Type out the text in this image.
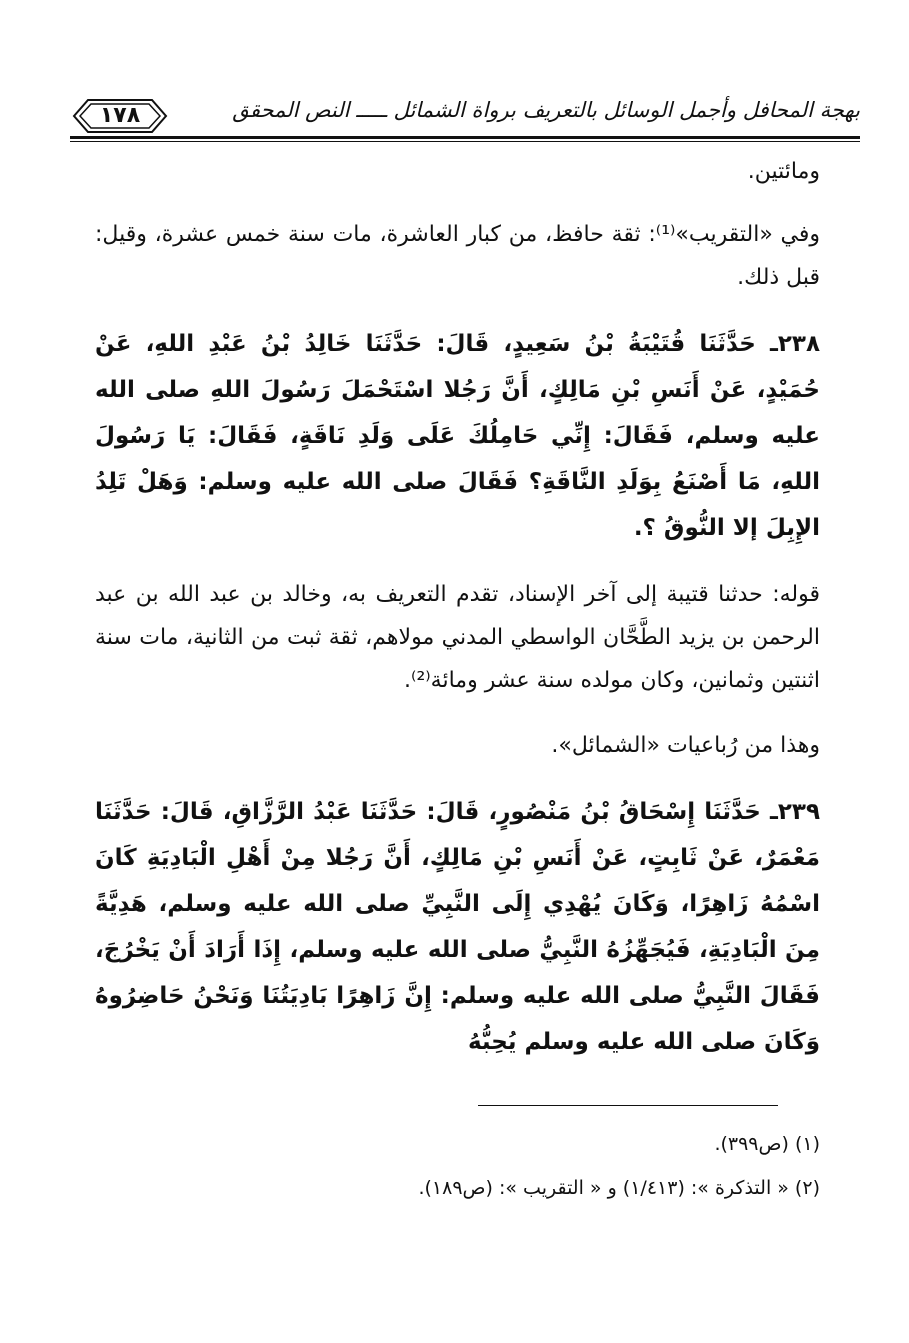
١٧٨	بهجة المحافل وأجمل الوسائل بالتعريف برواة الشمائل ـــــ النص المحقق

ومائتين.

وفي «التقريب»⁽¹⁾: ثقة حافظ، من كبار العاشرة، مات سنة خمس عشرة، وقيل: قبل ذلك.

٢٣٨ـ حَدَّثَنَا قُتَيْبَةُ بْنُ سَعِيدٍ، قَالَ: حَدَّثَنَا خَالِدُ بْنُ عَبْدِ اللهِ، عَنْ حُمَيْدٍ، عَنْ أَنَسِ بْنِ مَالِكٍ، أَنَّ رَجُلا اسْتَحْمَلَ رَسُولَ اللهِ صلى الله عليه وسلم، فَقَالَ: إِنِّي حَامِلُكَ عَلَى وَلَدِ نَاقَةٍ، فَقَالَ: يَا رَسُولَ اللهِ، مَا أَصْنَعُ بِوَلَدِ النَّاقَةِ؟ فَقَالَ صلى الله عليه وسلم: وَهَلْ تَلِدُ الإِبِلَ إلا النُّوقُ ؟.

قوله: حدثنا قتيبة إلى آخر الإسناد، تقدم التعريف به، وخالد بن عبد الله بن عبد الرحمن بن يزيد الطَّحَّان الواسطي المدني مولاهم، ثقة ثبت من الثانية، مات سنة اثنتين وثمانين، وكان مولده سنة عشر ومائة⁽²⁾.

وهذا من رُباعيات «الشمائل».

٢٣٩ـ حَدَّثَنَا إِسْحَاقُ بْنُ مَنْصُورٍ، قَالَ: حَدَّثَنَا عَبْدُ الرَّزَّاقِ، قَالَ: حَدَّثَنَا مَعْمَرٌ، عَنْ ثَابِتٍ، عَنْ أَنَسِ بْنِ مَالِكٍ، أَنَّ رَجُلا مِنْ أَهْلِ الْبَادِيَةِ كَانَ اسْمُهُ زَاهِرًا، وَكَانَ يُهْدِي إِلَى النَّبِيِّ صلى الله عليه وسلم، هَدِيَّةً مِنَ الْبَادِيَةِ، فَيُجَهِّزُهُ النَّبِيُّ صلى الله عليه وسلم، إِذَا أَرَادَ أَنْ يَخْرُجَ، فَقَالَ النَّبِيُّ صلى الله عليه وسلم: إِنَّ زَاهِرًا بَادِيَتُنَا وَنَحْنُ حَاضِرُوهُ وَكَانَ صلى الله عليه وسلم يُحِبُّهُ

(١) (ص٣٩٩).

(٢) « التذكرة »: (١/٤١٣) و « التقريب »: (ص١٨٩).
